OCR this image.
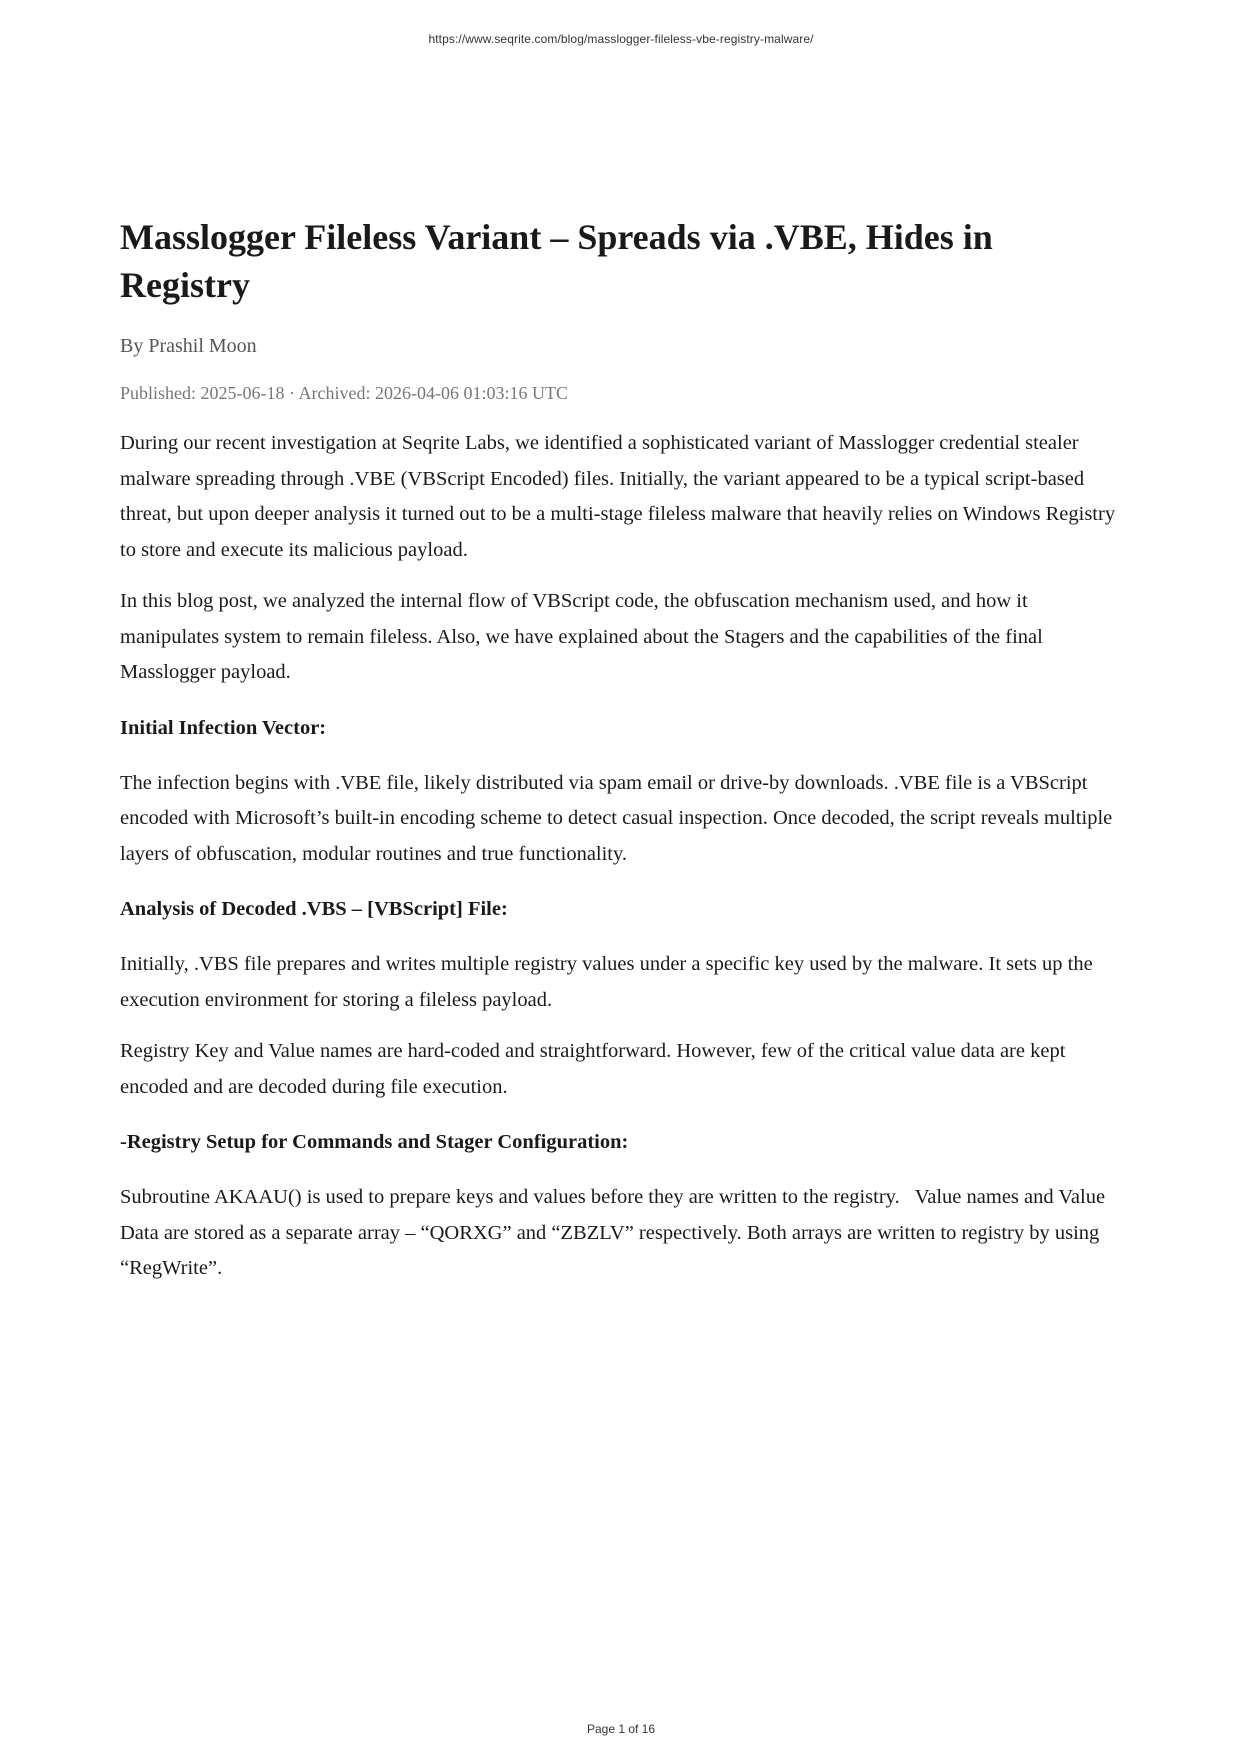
https://www.seqrite.com/blog/masslogger-fileless-vbe-registry-malware/
Masslogger Fileless Variant – Spreads via .VBE, Hides in Registry

By Prashil Moon

Published: 2025-06-18 · Archived: 2026-04-06 01:03:16 UTC

During our recent investigation at Seqrite Labs, we identified a sophisticated variant of Masslogger credential stealer malware spreading through .VBE (VBScript Encoded) files. Initially, the variant appeared to be a typical script-based threat, but upon deeper analysis it turned out to be a multi-stage fileless malware that heavily relies on Windows Registry to store and execute its malicious payload.

In this blog post, we analyzed the internal flow of VBScript code, the obfuscation mechanism used, and how it manipulates system to remain fileless. Also, we have explained about the Stagers and the capabilities of the final Masslogger payload.

Initial Infection Vector:

The infection begins with .VBE file, likely distributed via spam email or drive-by downloads. .VBE file is a VBScript encoded with Microsoft’s built-in encoding scheme to detect casual inspection. Once decoded, the script reveals multiple layers of obfuscation, modular routines and true functionality.

Analysis of Decoded .VBS – [VBScript] File:

Initially, .VBS file prepares and writes multiple registry values under a specific key used by the malware. It sets up the execution environment for storing a fileless payload.

Registry Key and Value names are hard-coded and straightforward. However, few of the critical value data are kept encoded and are decoded during file execution.

-Registry Setup for Commands and Stager Configuration:

Subroutine AKAAU() is used to prepare keys and values before they are written to the registry.   Value names and Value Data are stored as a separate array – “QORXG” and “ZBZLV” respectively. Both arrays are written to registry by using “RegWrite”.

Page 1 of 16
